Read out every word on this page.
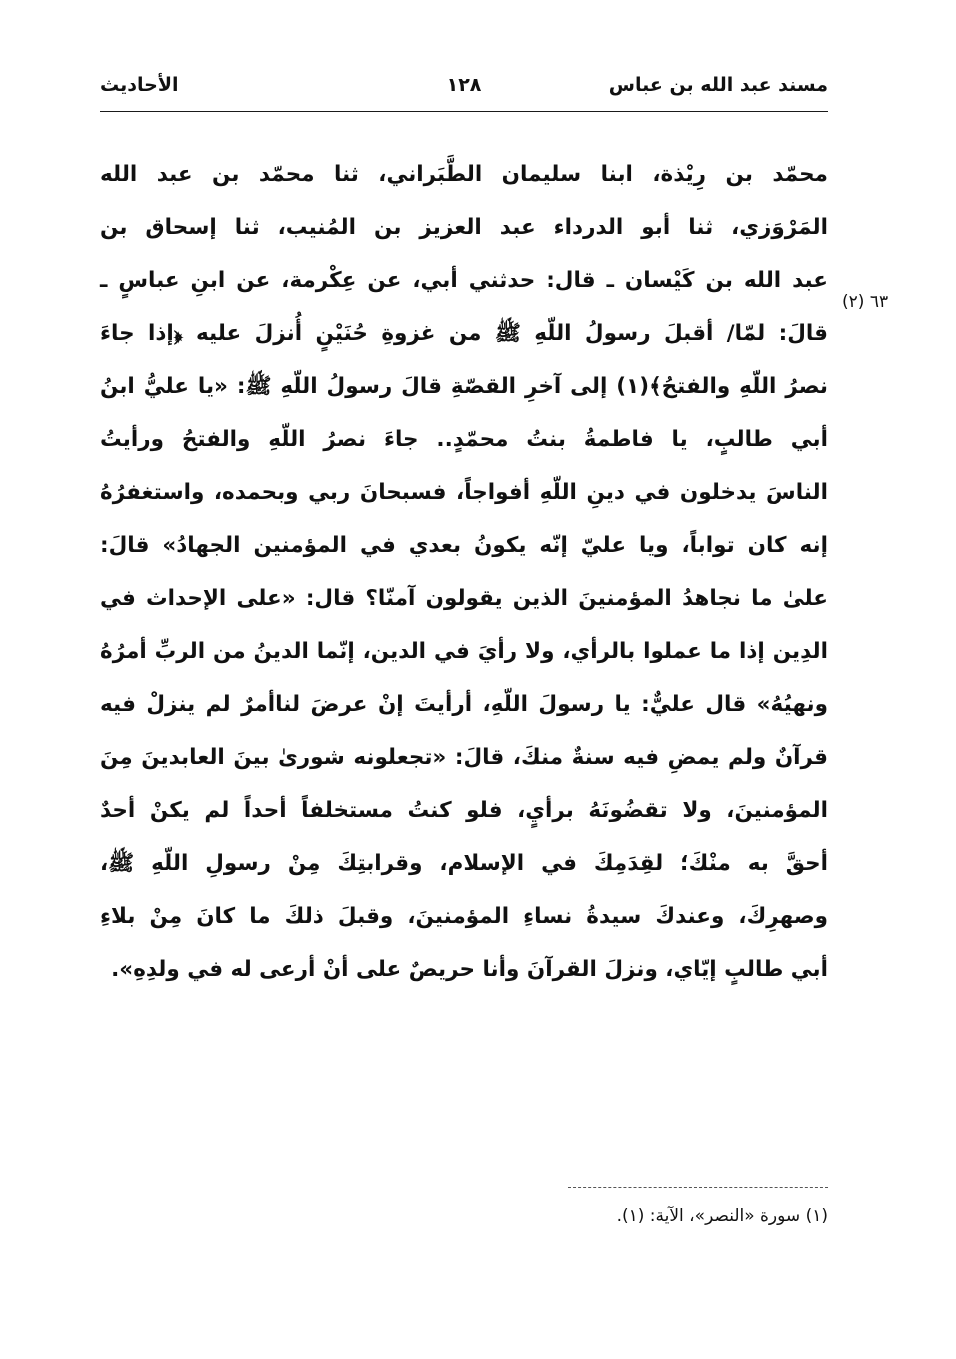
مسند عبد الله بن عباس
١٢٨
الأحاديث
٦٣ (٢)
محمّد بن رِيْذة، ابنا سليمان الطَّبَراني، ثنا محمّد بن عبد الله
المَرْوَزي، ثنا أبو الدرداء عبد العزيز بن المُنيب، ثنا إسحاق بن
عبد الله بن كَيْسان ـ قال: حدثني أبي، عن عِكْرمة، عن ابنِ عباسٍ ـ
قالَ: لمّا/ أقبلَ رسولُ اللّهِ ﷺ من غزوةِ حُنَيْنٍ أُنزلَ عليه ﴿إذا جاءَ
نصرُ اللّهِ والفتحُ﴾(١) إلى آخرِ القصّةِ قالَ رسولُ اللّهِ ﷺ: «يا عليُّ ابنُ
أبي طالبٍ، يا فاطمةُ بنتُ محمّدٍ.. جاءَ نصرُ اللّهِ والفتحُ ورأيتُ
الناسَ يدخلون في دينِ اللّهِ أفواجاً، فسبحانَ ربي وبحمده، واستغفرُهُ
إنه كان تواباً، ويا عليّ إنّه يكونُ بعدي في المؤمنين الجهادُ» قالَ:
علىٰ ما نجاهدُ المؤمنينَ الذين يقولون آمنّا؟ قال: «على الإحداث في
الدِين إذا ما عملوا بالرأي، ولا رأيَ في الدين، إنّما الدينُ من الربِّ أمرُهُ
ونهيُهُ» قال عليٌّ: يا رسولَ اللّهِ، أرأيتَ إنْ عرضَ لناأمرٌ لم ينزلْ فيه
قرآنٌ ولم يمضِ فيه سنةٌ منكَ، قالَ: «تجعلونه شورىٰ بينَ العابدينَ مِنَ
المؤمنينَ، ولا تقضُونَهُ برأيٍ، فلو كنتُ مستخلفاً أحداً لم يكنْ أحدٌ
أحقَّ به منْكَ؛ لقِدَمِكَ في الإسلام، وقرابتِكَ مِنْ رسولِ اللّهِ ﷺ،
وصهرِكَ، وعندكَ سيدةُ نساءِ المؤمنينَ، وقبلَ ذلكَ ما كانَ مِنْ بلاءِ
أبي طالبٍ إيّاي، ونزلَ القرآنَ وأنا حريصٌ على أنْ أرعى له في ولدِهِ».
(١) سورة «النصر»، الآية: (١).
